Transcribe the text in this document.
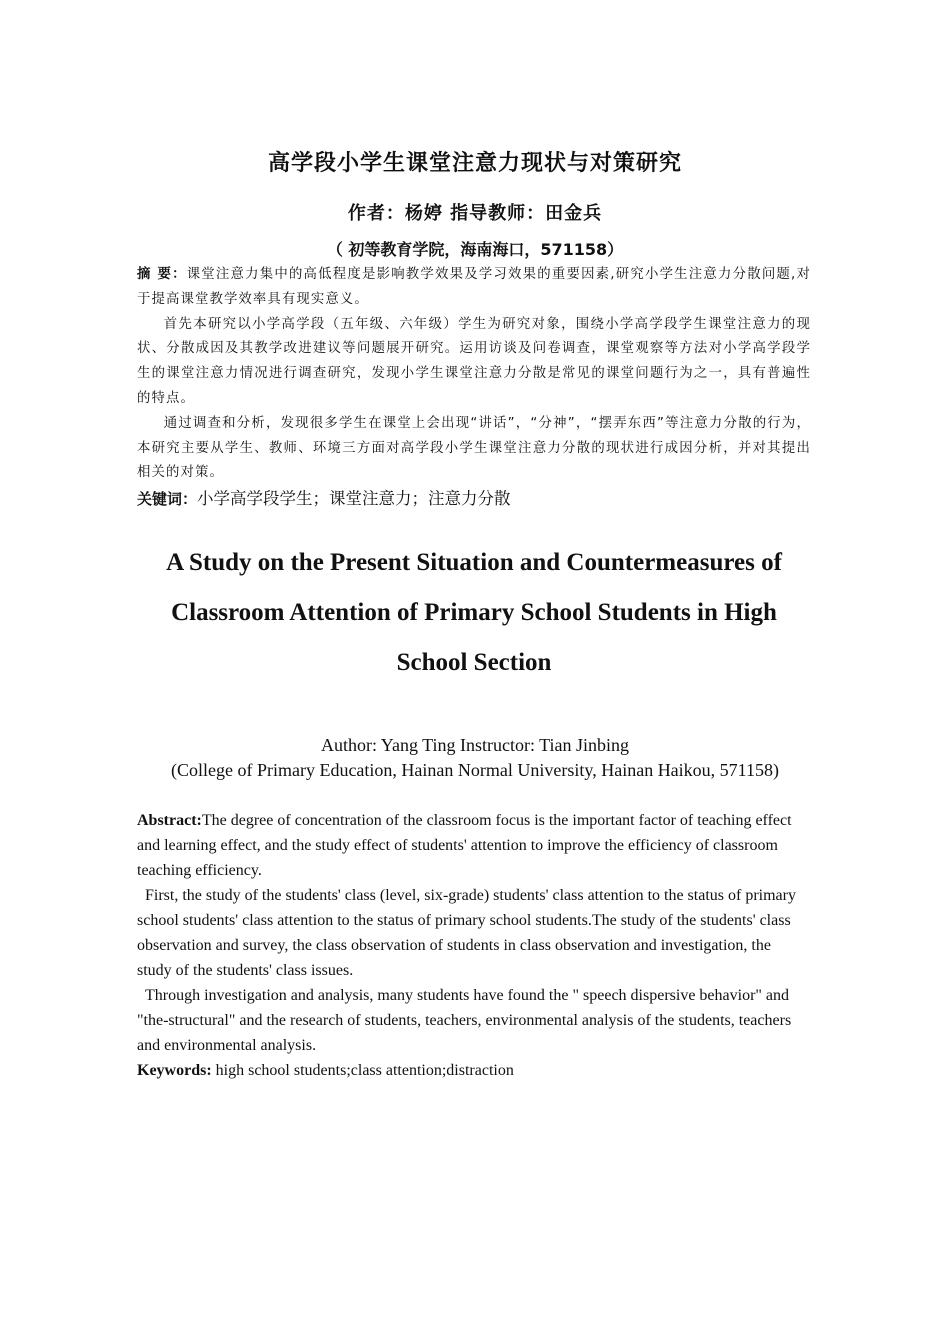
高学段小学生课堂注意力现状与对策研究
作者：杨婷 指导教师：田金兵
（ 初等教育学院，海南海口，571158）

摘 要：课堂注意力集中的高低程度是影响教学效果及学习效果的重要因素,研究小学生注意力分散问题,对于提高课堂教学效率具有现实意义。

首先本研究以小学高学段（五年级、六年级）学生为研究对象，围绕小学高学段学生课堂注意力的现状、分散成因及其教学改进建议等问题展开研究。运用访谈及问卷调查，课堂观察等方法对小学高学段学生的课堂注意力情况进行调查研究，发现小学生课堂注意力分散是常见的课堂问题行为之一，具有普遍性的特点。

通过调查和分析，发现很多学生在课堂上会出现“讲话”，“分神”，“摆弄东西”等注意力分散的行为，本研究主要从学生、教师、环境三方面对高学段小学生课堂注意力分散的现状进行成因分析，并对其提出相关的对策。

关键词：小学高学段学生；课堂注意力；注意力分散
A Study on the Present Situation and Countermeasures of Classroom Attention of Primary School Students in High School Section
Author: Yang Ting Instructor: Tian Jinbing
(College of Primary Education, Hainan Normal University, Hainan Haikou, 571158)

Abstract:The degree of concentration of the classroom focus is the important factor of teaching effect and learning effect, and the study effect of students' attention to improve the efficiency of classroom teaching efficiency.

First, the study of the students' class (level, six-grade) students' class attention to the status of primary school students' class attention to the status of primary school students.The study of the students' class observation and survey, the class observation of students in class observation and investigation, the study of the students' class issues.

Through investigation and analysis, many students have found the " speech dispersive behavior" and "the-structural" and the research of students, teachers, environmental analysis of the students, teachers and environmental analysis.

Keywords: high school students;class attention;distraction
